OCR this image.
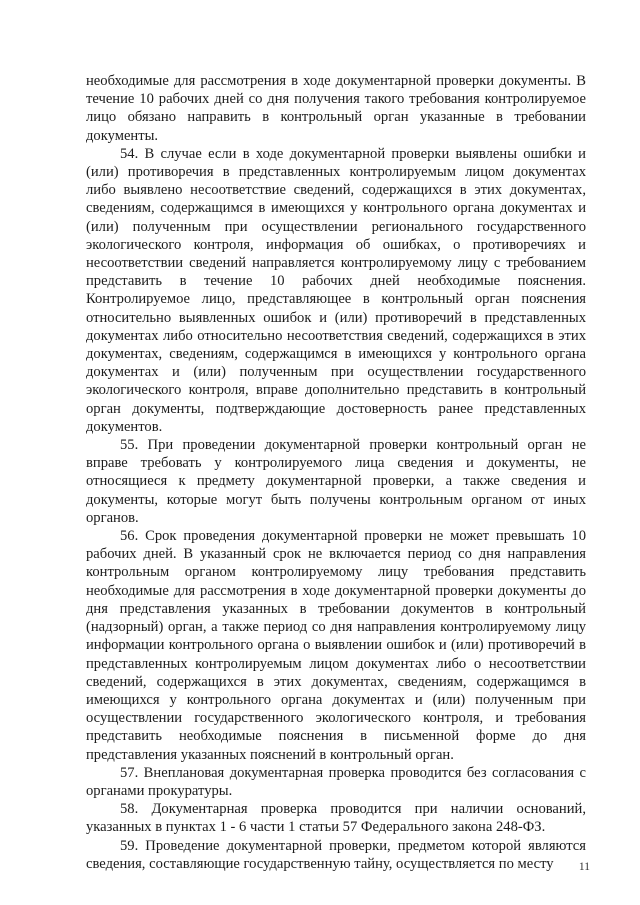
необходимые для рассмотрения в ходе документарной проверки документы. В течение 10 рабочих дней со дня получения такого требования контролируемое лицо обязано направить в контрольный орган указанные в требовании документы.

54. В случае если в ходе документарной проверки выявлены ошибки и (или) противоречия в представленных контролируемым лицом документах либо выявлено несоответствие сведений, содержащихся в этих документах, сведениям, содержащимся в имеющихся у контрольного органа документах и (или) полученным при осуществлении регионального государственного экологического контроля, информация об ошибках, о противоречиях и несоответствии сведений направляется контролируемому лицу с требованием представить в течение 10 рабочих дней необходимые пояснения. Контролируемое лицо, представляющее в контрольный орган пояснения относительно выявленных ошибок и (или) противоречий в представленных документах либо относительно несоответствия сведений, содержащихся в этих документах, сведениям, содержащимся в имеющихся у контрольного органа документах и (или) полученным при осуществлении государственного экологического контроля, вправе дополнительно представить в контрольный орган документы, подтверждающие достоверность ранее представленных документов.

55. При проведении документарной проверки контрольный орган не вправе требовать у контролируемого лица сведения и документы, не относящиеся к предмету документарной проверки, а также сведения и документы, которые могут быть получены контрольным органом от иных органов.

56. Срок проведения документарной проверки не может превышать 10 рабочих дней. В указанный срок не включается период со дня направления контрольным органом контролируемому лицу требования представить необходимые для рассмотрения в ходе документарной проверки документы до дня представления указанных в требовании документов в контрольный (надзорный) орган, а также период со дня направления контролируемому лицу информации контрольного органа о выявлении ошибок и (или) противоречий в представленных контролируемым лицом документах либо о несоответствии сведений, содержащихся в этих документах, сведениям, содержащимся в имеющихся у контрольного органа документах и (или) полученным при осуществлении государственного экологического контроля, и требования представить необходимые пояснения в письменной форме до дня представления указанных пояснений в контрольный орган.

57. Внеплановая документарная проверка проводится без согласования с органами прокуратуры.

58. Документарная проверка проводится при наличии оснований, указанных в пунктах 1 - 6 части 1 статьи 57 Федерального закона 248-ФЗ.

59. Проведение документарной проверки, предметом которой являются сведения, составляющие государственную тайну, осуществляется по месту	11
